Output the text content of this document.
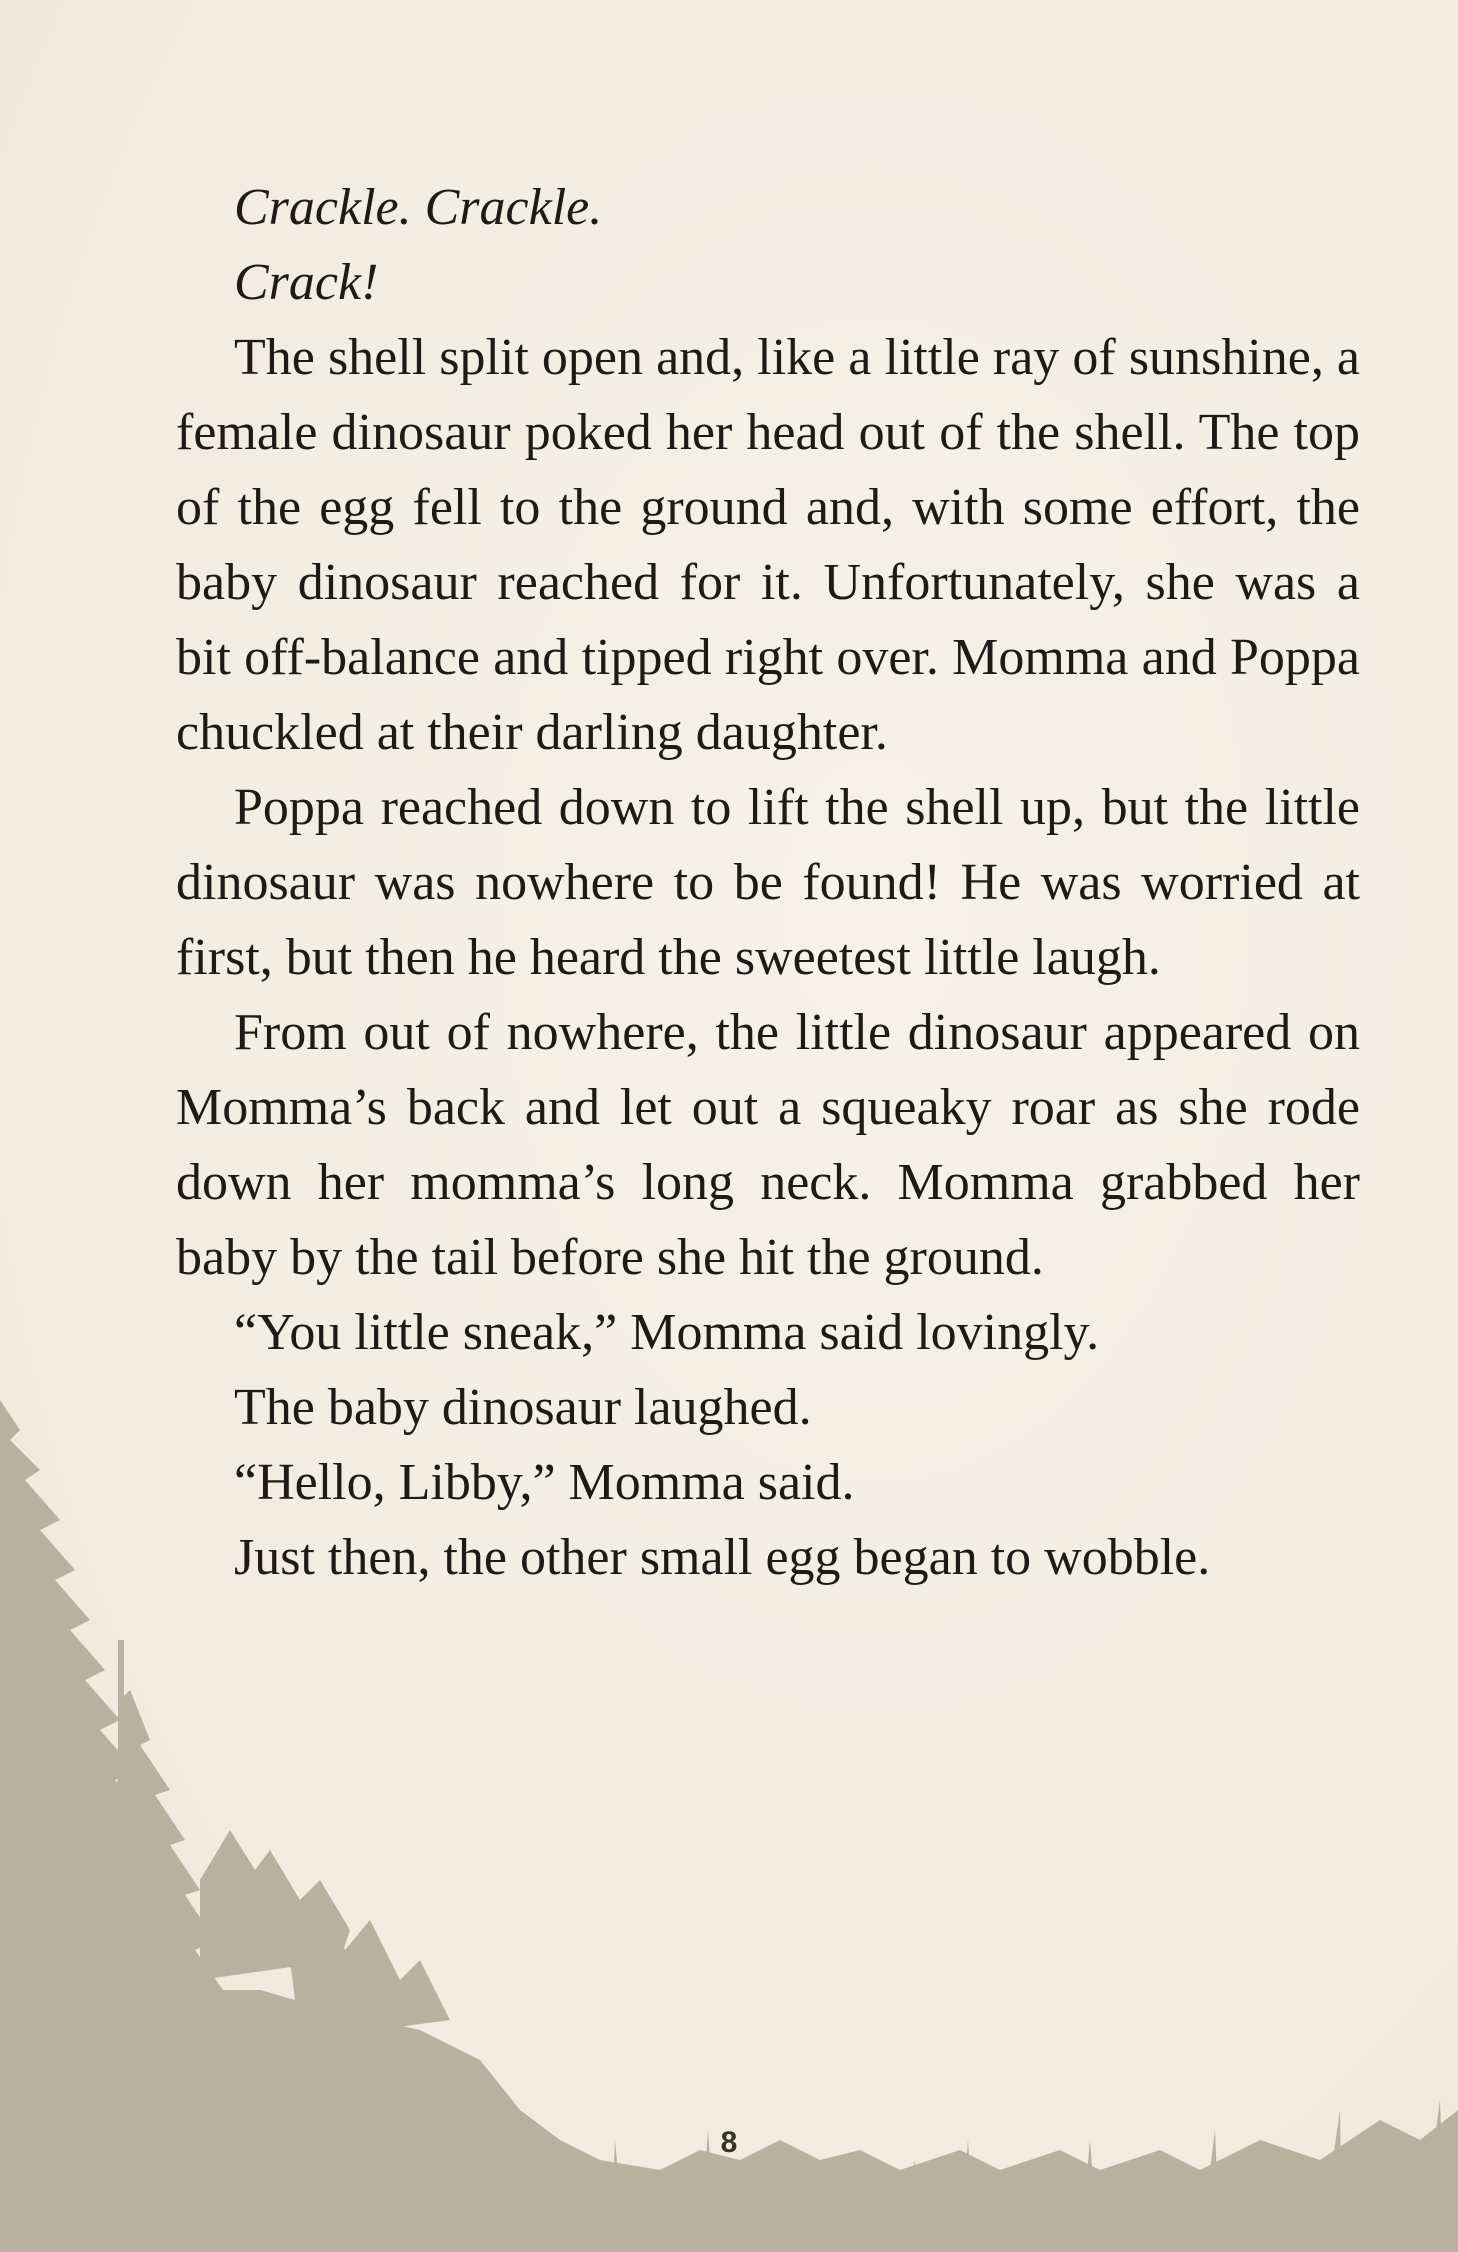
Crackle. Crackle.

Crack!

The shell split open and, like a little ray of sunshine, a female dinosaur poked her head out of the shell. The top of the egg fell to the ground and, with some effort, the baby dinosaur reached for it. Unfortunately, she was a bit off-balance and tipped right over. Momma and Poppa chuckled at their darling daughter.

Poppa reached down to lift the shell up, but the little dinosaur was nowhere to be found! He was worried at first, but then he heard the sweetest little laugh.

From out of nowhere, the little dinosaur appeared on Momma’s back and let out a squeaky roar as she rode down her momma’s long neck. Momma grabbed her baby by the tail before she hit the ground.

“You little sneak,” Momma said lovingly.

The baby dinosaur laughed.

“Hello, Libby,” Momma said.

Just then, the other small egg began to wobble.

8
